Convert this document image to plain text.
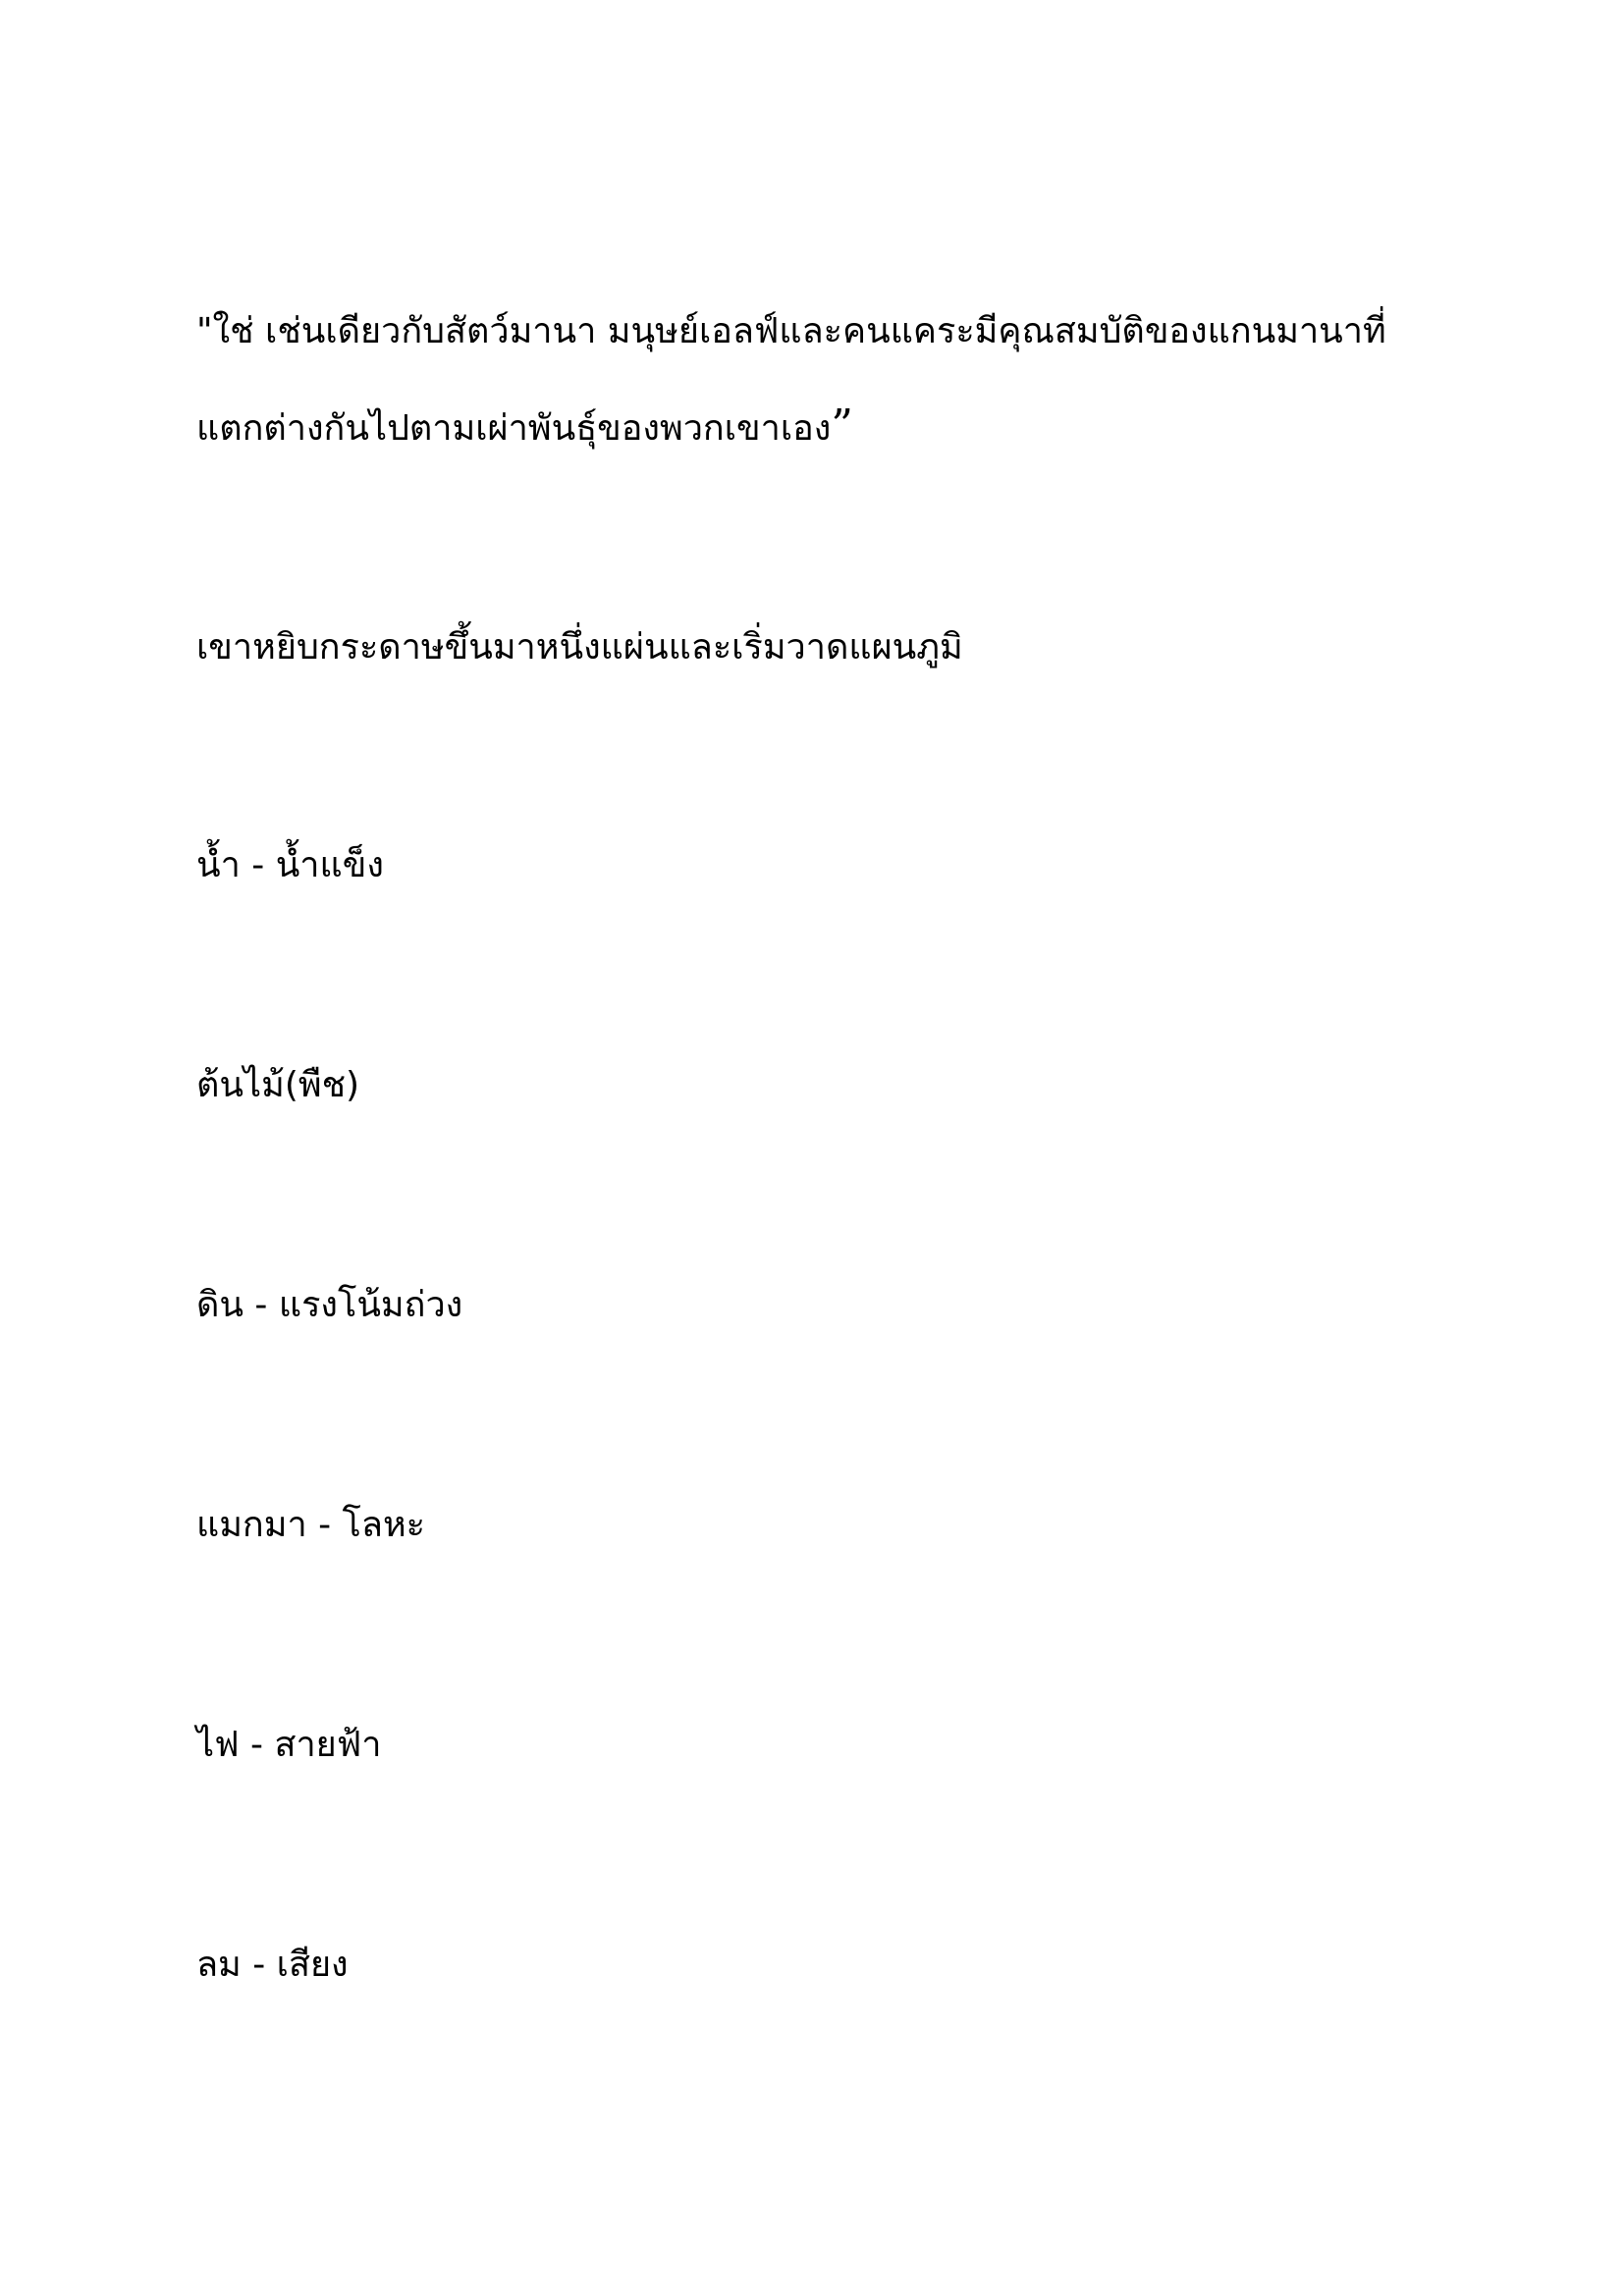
"ใช่ เช่นเดียวกับสัตว์มานา มนุษย์เอลฟ์และคนแคระมีคุณสมบัติของแกนมานาที่
แตกต่างกันไปตามเผ่าพันธุ์ของพวกเขาเอง”
เขาหยิบกระดาษขึ้นมาหนึ่งแผ่นและเริ่มวาดแผนภูมิ
น้ำ - น้ำแข็ง
ต้นไม้(พืช)
ดิน - แรงโน้มถ่วง
แมกมา - โลหะ
ไฟ - สายฟ้า
ลม - เสียง
